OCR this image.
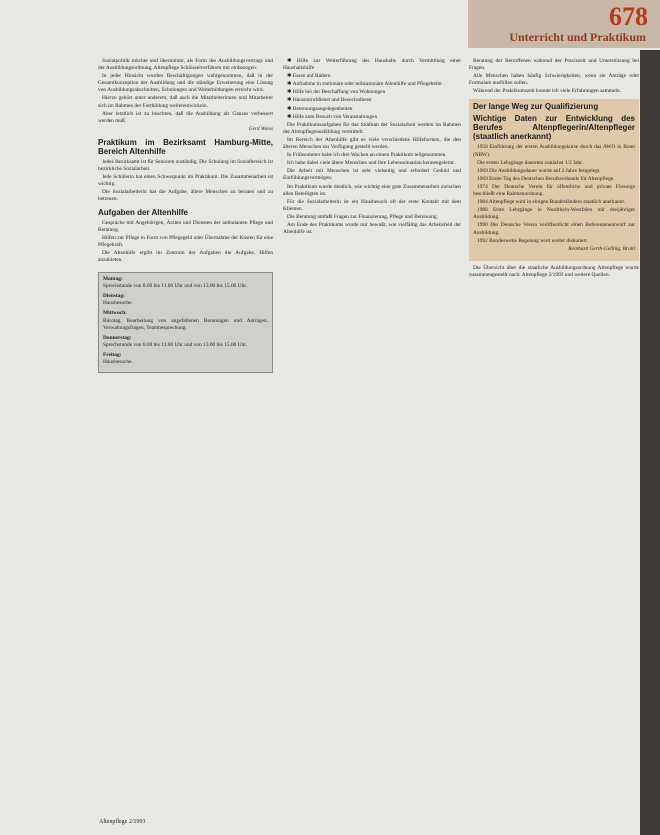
678
Unterricht und Praktikum

Sozialpolitik möchte und übernimmt, als Form des Ausbildungsvertrags und der Ausbildungsordnung, Altenpflege Schlüsselverfahren mit einbezogen.

In jeder Hinsicht wurden Beschäftigungen wahrgenommen, daß in der Gesamtkonzeption der Ausbildung und die ständige Erweiterung eine Lösung von Ausbildungsabschnitten, Schulungen und Weiterbildungen erreicht wird.

Hierzu gehört unter anderem, daß auch die Mitarbeiterinnen und Mitarbeiter sich im Rahmen der Fortbildung weiterentwickeln.

Aber letztlich ist zu beachten, daß die Ausbildung als Ganzes verbessert werden muß.

Gerd Weiss
Praktikum im Bezirksamt Hamburg-Mitte, Bereich Altenhilfe

Jedes Bezirksamt ist für Senioren zuständig. Die Schulung im Sozialbereich ist bezirkliche Sozialarbeit.

Jede Schülerin hat einen Schwerpunkt im Praktikum. Die Zusammenarbeit ist wichtig.

Die Sozialarbeiterin hat die Aufgabe, ältere Menschen zu beraten und zu betreuen.

Aufgaben der Altenhilfe

Gespräche mit Angehörigen, Ärzten und Diensten der ambulanten Pflege und Beratung.

Hilfen zur Pflege in Form von Pflegegeld oder Übernahme der Kosten für eine Pflegekraft.

Die Altenhilfe ergibt im Zentrum der Aufgaben die Aufgabe, Hilfen anzubieten.

Montag:
Sprechstunde von 8.00 bis 11.00 Uhr und von 13.00 bis 15.00 Uhr.
Dienstag:
Hausbesuche.
Mittwoch:
Bürotag, Bearbeitung von angefallenen Beratungen und Anträgen. Verwaltungsfragen, Teambesprechung.
Donnerstag:
Sprechstunde von 8.00 bis 11.00 Uhr und von 13.00 bis 15.00 Uhr.
Freitag:
Hausbesuche.

✱ Hilfe zur Weiterführung des Haushalts durch Vermittlung einer Haushaltshilfe

✱ Essen auf Rädern

✱ Aufnahme in stationäre oder teilstationäre Altenhilfe und Pflegeheim

✱ Hilfe bei der Beschaffung von Wohnungen

✱ Hausnotrufdienst und Besuchsdienst

✱ Betreuungsangelegenheiten

✱ Hilfe zum Besuch von Veranstaltungen

Die Praktikumsaufgaben für das Studium der Sozialarbeit werden im Rahmen der Altenpflegeausbildung vermittelt.

Im Bereich der Altenhilfe gibt es viele verschiedene Hilfeformen, die den älteren Menschen zur Verfügung gestellt werden.

In Frühsommer habe ich drei Wochen an einem Praktikum teilgenommen.

Ich habe dabei viele ältere Menschen und ihre Lebenssituation kennengelernt.

Die Arbeit mit Menschen ist sehr vielseitig und erfordert Geduld und Einfühlungsvermögen.

Im Praktikum wurde deutlich, wie wichtig eine gute Zusammenarbeit zwischen allen Beteiligten ist.

Für die Sozialarbeiterin ist ein Hausbesuch oft der erste Kontakt mit dem Klienten.

Die Beratung umfaßt Fragen zur Finanzierung, Pflege und Betreuung.

Am Ende des Praktikums wurde mir bewußt, wie vielfältig das Arbeitsfeld der Altenhilfe ist.

Beratung der Betroffenen während der Praxiszeit und Unterstützung bei Fragen.

Alle Menschen haben häufig Schwierigkeiten, wenn sie Anträge oder Formulare ausfüllen sollen.

Während der Praktikumszeit konnte ich viele Erfahrungen sammeln.

Der lange Weg zur Qualifizierung
Wichtige Daten zur Entwicklung des Berufes Altenpflegerin/Altenpfleger (staatlich anerkannt)

1958 Einführung der ersten Ausbildungskurse durch das AWO in Bonn (NRW).

Die ersten Lehrgänge dauerten zunächst 1/2 Jahr.

1969 Die Ausbildungsdauer wurde auf 2 Jahre festgelegt.

1969 Erster Tag des Deutschen Berufsverbands für Altenpflege.

1974 Der Deutsche Verein für öffentliche und private Fürsorge beschließt eine Rahmenordnung.

1984 Altenpflege wird in einigen Bundesländern staatlich anerkannt.

1988 Erste Lehrgänge in Nordrhein-Westfalen mit dreijähriger Ausbildung.

1990 Der Deutsche Verein veröffentlicht einen Referentenentwurf zur Ausbildung.

1992 Bundesweite Regelung wird weiter diskutiert.

Reinhard Gerth-Gelling, Bruhl

Die Übersicht über die staatliche Ausbildungsordnung Altenpflege wurde zusammengestellt nach: Altenpflege 2/1993 und weitere Quellen.

Altenpflege 2/1993
